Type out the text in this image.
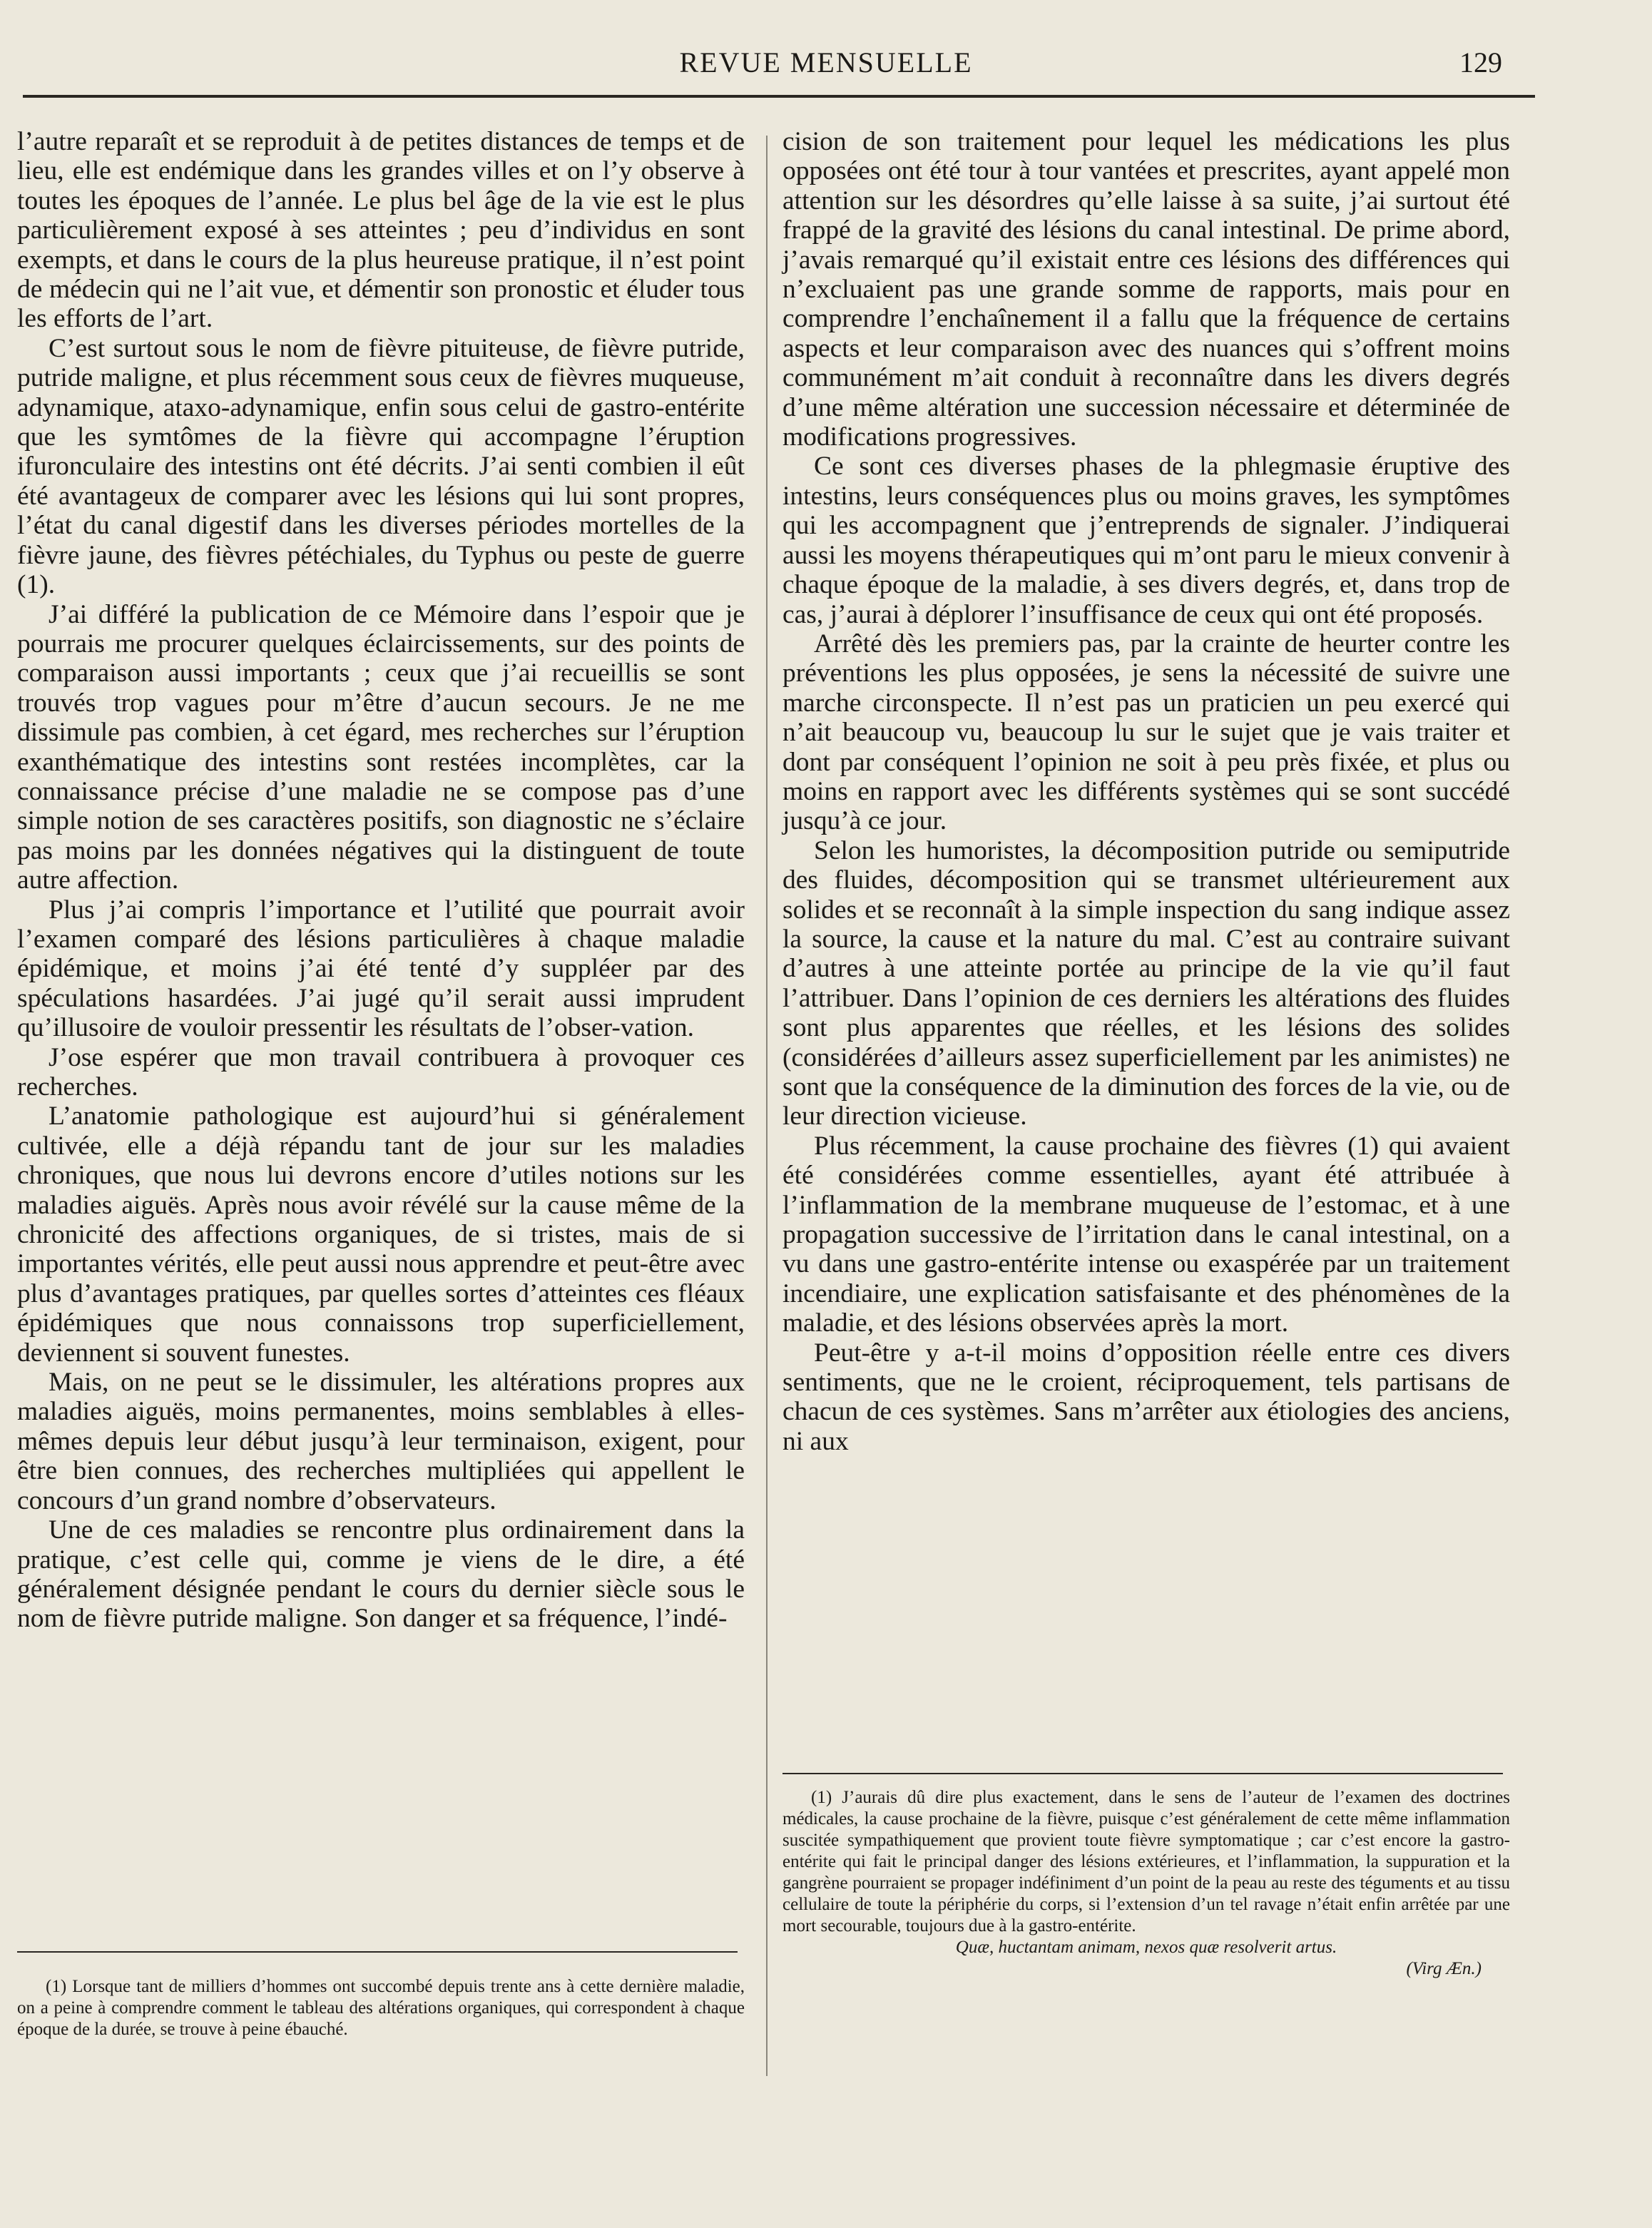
REVUE MENSUELLE	129

l’autre reparaît et se reproduit à de petites distances de temps et de lieu, elle est endémique dans les grandes villes et on l’y observe à toutes les époques de l’année. Le plus bel âge de la vie est le plus particulièrement exposé à ses atteintes ; peu d’individus en sont exempts, et dans le cours de la plus heureuse pratique, il n’est point de médecin qui ne l’ait vue, et démentir son pronostic et éluder tous les efforts de l’art.

C’est surtout sous le nom de fièvre pituiteuse, de fièvre putride, putride maligne, et plus récemment sous ceux de fièvres muqueuse, adynamique, ataxo-adynamique, enfin sous celui de gastro-entérite que les symtômes de la fièvre qui accompagne l’éruption ifuronculaire des intestins ont été décrits. J’ai senti combien il eût été avantageux de comparer avec les lésions qui lui sont propres, l’état du canal digestif dans les diverses périodes mortelles de la fièvre jaune, des fièvres pétéchiales, du Typhus ou peste de guerre (1).

J’ai différé la publication de ce Mémoire dans l’espoir que je pourrais me procurer quelques éclaircissements, sur des points de comparaison aussi importants ; ceux que j’ai recueillis se sont trouvés trop vagues pour m’être d’aucun secours. Je ne me dissimule pas combien, à cet égard, mes recherches sur l’éruption exanthématique des intestins sont restées incomplètes, car la connaissance précise d’une maladie ne se compose pas d’une simple notion de ses caractères positifs, son diagnostic ne s’éclaire pas moins par les données négatives qui la distinguent de toute autre affection.

Plus j’ai compris l’importance et l’utilité que pourrait avoir l’examen comparé des lésions particulières à chaque maladie épidémique, et moins j’ai été tenté d’y suppléer par des spéculations hasardées. J’ai jugé qu’il serait aussi imprudent qu’illusoire de vouloir pressentir les résultats de l’obser-vation.

J’ose espérer que mon travail contribuera à provoquer ces recherches.

L’anatomie pathologique est aujourd’hui si généralement cultivée, elle a déjà répandu tant de jour sur les maladies chroniques, que nous lui devrons encore d’utiles notions sur les maladies aiguës. Après nous avoir révélé sur la cause même de la chronicité des affections organiques, de si tristes, mais de si importantes vérités, elle peut aussi nous apprendre et peut-être avec plus d’avantages pratiques, par quelles sortes d’atteintes ces fléaux épidémiques que nous connaissons trop superficiellement, deviennent si souvent funestes.

Mais, on ne peut se le dissimuler, les altérations propres aux maladies aiguës, moins permanentes, moins semblables à elles-mêmes depuis leur début jusqu’à leur terminaison, exigent, pour être bien connues, des recherches multipliées qui appellent le concours d’un grand nombre d’observateurs.

Une de ces maladies se rencontre plus ordinairement dans la pratique, c’est celle qui, comme je viens de le dire, a été généralement désignée pendant le cours du dernier siècle sous le nom de fièvre putride maligne. Son danger et sa fréquence, l’indé-

cision de son traitement pour lequel les médications les plus opposées ont été tour à tour vantées et prescrites, ayant appelé mon attention sur les désordres qu’elle laisse à sa suite, j’ai surtout été frappé de la gravité des lésions du canal intestinal. De prime abord, j’avais remarqué qu’il existait entre ces lésions des différences qui n’excluaient pas une grande somme de rapports, mais pour en comprendre l’enchaînement il a fallu que la fréquence de certains aspects et leur comparaison avec des nuances qui s’offrent moins communément m’ait conduit à reconnaître dans les divers degrés d’une même altération une succession nécessaire et déterminée de modifications progressives.

Ce sont ces diverses phases de la phlegmasie éruptive des intestins, leurs conséquences plus ou moins graves, les symptômes qui les accompagnent que j’entreprends de signaler. J’indiquerai aussi les moyens thérapeutiques qui m’ont paru le mieux convenir à chaque époque de la maladie, à ses divers degrés, et, dans trop de cas, j’aurai à déplorer l’insuffisance de ceux qui ont été proposés.

Arrêté dès les premiers pas, par la crainte de heurter contre les préventions les plus opposées, je sens la nécessité de suivre une marche circonspecte. Il n’est pas un praticien un peu exercé qui n’ait beaucoup vu, beaucoup lu sur le sujet que je vais traiter et dont par conséquent l’opinion ne soit à peu près fixée, et plus ou moins en rapport avec les différents systèmes qui se sont succédé jusqu’à ce jour.

Selon les humoristes, la décomposition putride ou semiputride des fluides, décomposition qui se transmet ultérieurement aux solides et se reconnaît à la simple inspection du sang indique assez la source, la cause et la nature du mal. C’est au contraire suivant d’autres à une atteinte portée au principe de la vie qu’il faut l’attribuer. Dans l’opinion de ces derniers les altérations des fluides sont plus apparentes que réelles, et les lésions des solides (considérées d’ailleurs assez superficiellement par les animistes) ne sont que la conséquence de la diminution des forces de la vie, ou de leur direction vicieuse.

Plus récemment, la cause prochaine des fièvres (1) qui avaient été considérées comme essentielles, ayant été attribuée à l’inflammation de la membrane muqueuse de l’estomac, et à une propagation successive de l’irritation dans le canal intestinal, on a vu dans une gastro-entérite intense ou exaspérée par un traitement incendiaire, une explication satisfaisante et des phénomènes de la maladie, et des lésions observées après la mort.

Peut-être y a-t-il moins d’opposition réelle entre ces divers sentiments, que ne le croient, réciproquement, tels partisans de chacun de ces systèmes. Sans m’arrêter aux étiologies des anciens, ni aux

(1) Lorsque tant de milliers d’hommes ont succombé depuis trente ans à cette dernière maladie, on a peine à comprendre comment le tableau des altérations organiques, qui correspondent à chaque époque de la durée, se trouve à peine ébauché.

(1) J’aurais dû dire plus exactement, dans le sens de l’auteur de l’examen des doctrines médicales, la cause prochaine de la fièvre, puisque c’est généralement de cette même inflammation suscitée sympathiquement que provient toute fièvre symptomatique ; car c’est encore la gastro-entérite qui fait le principal danger des lésions extérieures, et l’inflammation, la suppuration et la gangrène pourraient se propager indéfiniment d’un point de la peau au reste des téguments et au tissu cellulaire de toute la périphérie du corps, si l’extension d’un tel ravage n’était enfin arrêtée par une mort secourable, toujours due à la gastro-entérite.

Quæ, huctantam animam, nexos quæ resolverit artus.
(Virg Æn.)
